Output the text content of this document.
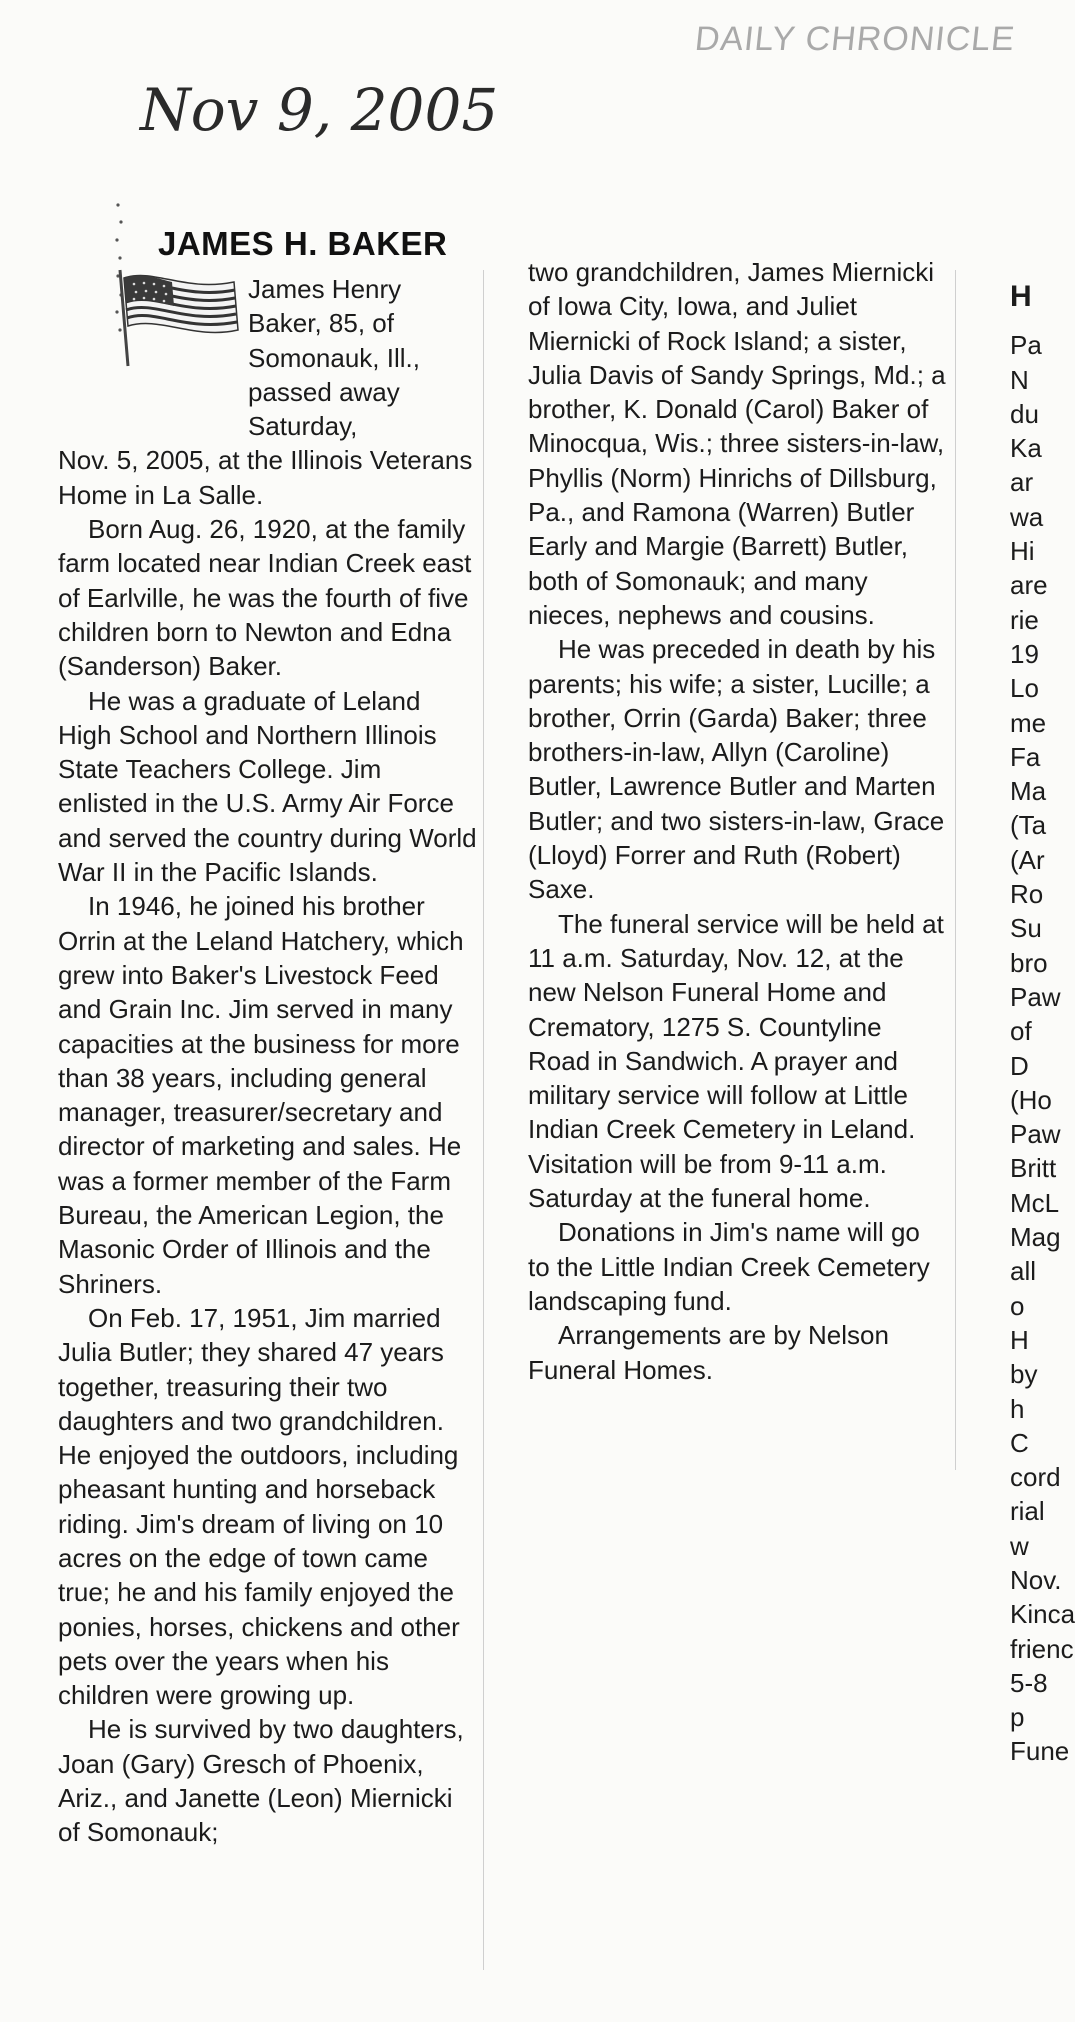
Nov 9, 2005
DAILY CHRONICLE
JAMES H. BAKER

James Henry Baker, 85, of Somonauk, Ill., passed away Saturday,
Nov. 5, 2005, at the Illinois Veterans Home in La Salle.

Born Aug. 26, 1920, at the family farm located near Indian Creek east of Earlville, he was the fourth of five children born to Newton and Edna (Sanderson) Baker.

He was a graduate of Leland High School and Northern Illinois State Teachers College. Jim enlisted in the U.S. Army Air Force and served the country during World War II in the Pacific Islands.

In 1946, he joined his brother Orrin at the Leland Hatchery, which grew into Baker's Livestock Feed and Grain Inc. Jim served in many capacities at the business for more than 38 years, including general manager, treasurer/secretary and director of marketing and sales. He was a former member of the Farm Bureau, the American Legion, the Masonic Order of Illinois and the Shriners.

On Feb. 17, 1951, Jim married Julia Butler; they shared 47 years together, treasuring their two daughters and two grandchildren. He enjoyed the outdoors, including pheasant hunting and horseback riding. Jim's dream of living on 10 acres on the edge of town came true; he and his family enjoyed the ponies, horses, chickens and other pets over the years when his children were growing up.

He is survived by two daughters, Joan (Gary) Gresch of Phoenix, Ariz., and Janette (Leon) Miernicki of Somonauk;

two grandchildren, James Miernicki of Iowa City, Iowa, and Juliet Miernicki of Rock Island; a sister, Julia Davis of Sandy Springs, Md.; a brother, K. Donald (Carol) Baker of Minocqua, Wis.; three sisters-in-law, Phyllis (Norm) Hinrichs of Dillsburg, Pa., and Ramona (Warren) Butler Early and Margie (Barrett) Butler, both of Somonauk; and many nieces, nephews and cousins.

He was preceded in death by his parents; his wife; a sister, Lucille; a brother, Orrin (Garda) Baker; three brothers-in-law, Allyn (Caroline) Butler, Lawrence Butler and Marten Butler; and two sisters-in-law, Grace (Lloyd) Forrer and Ruth (Robert) Saxe.

The funeral service will be held at 11 a.m. Saturday, Nov. 12, at the new Nelson Funeral Home and Crematory, 1275 S. Countyline Road in Sandwich. A prayer and military service will follow at Little Indian Creek Cemetery in Leland. Visitation will be from 9-11 a.m. Saturday at the funeral home.

Donations in Jim's name will go to the Little Indian Creek Cemetery landscaping fund.

Arrangements are by Nelson Funeral Homes.

H
Pa
N
du
Ka
ar
wa
Hi
are
rie
19
Lo
me
Fa
Ma
(Ta
(Ar
Ro
Su
bro
Paw
of D
(Ho
Paw
Britt
McL
Mag
all o
H
by h
C
cord
rial w
Nov.
Kinca
frienc
5-8 p
Fune
